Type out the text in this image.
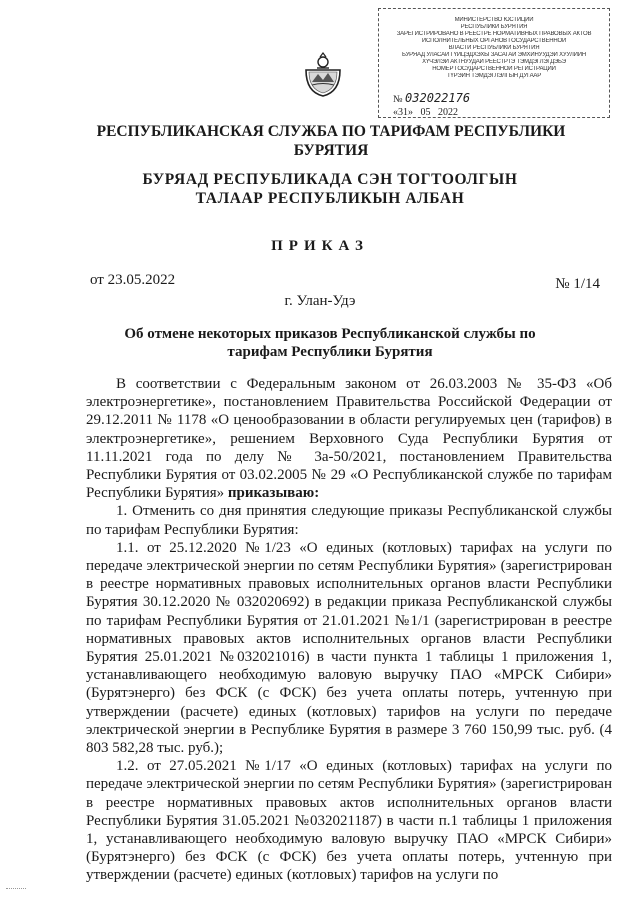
МИНИСТЕРСТВО ЮСТИЦИИ
РЕСПУБЛИКИ БУРЯТИЯ
ЗАРЕГИСТРИРОВАНО В РЕЕСТРЕ НОРМАТИВНЫХ ПРАВОВЫХ АКТОВ
ИСПОЛНИТЕЛЬНЫХ ОРГАНОВ ГОСУДАРСТВЕННОЙ
ВЛАСТИ РЕСПУБЛИКИ БУРЯТИЯ
БУРЯАД УЛАСАЙ ГҮЙЦЭДХЭХЫ ЗАСАГАЙ ЭМХИНУУДЭЙ ХУУЛИИН
ХҮЧЭЛЭЙ АКТНУУДАЙ РЕЕСТРТЭ ТЭМДЭГЛЭГДЭБЭ
НОМЕР ГОСУДАРСТВЕННОЙ РЕГИСТРАЦИИ
ТҮРЭЙН ТЭМДЭГЛЭЛГЫН ДУГААР
№ 032022176
«31»   05 2022
РЕСПУБЛИКАНСКАЯ СЛУЖБА ПО ТАРИФАМ РЕСПУБЛИКИ БУРЯТИЯ
БУРЯАД РЕСПУБЛИКАДА СЭН ТОГТООЛГЫН ТАЛААР РЕСПУБЛИКЫН АЛБАН
ПРИКАЗ
от 23.05.2022	№ 1/14
г. Улан-Удэ
Об отмене некоторых приказов Республиканской службы по тарифам Республики Бурятия

В соответствии с Федеральным законом от 26.03.2003 № 35-ФЗ «Об электроэнергетике», постановлением Правительства Российской Федерации от 29.12.2011 № 1178 «О ценообразовании в области регулируемых цен (тарифов) в электроэнергетике», решением Верховного Суда Республики Бурятия от 11.11.2021 года по делу № 3а-50/2021, постановлением Правительства Республики Бурятия от 03.02.2005 № 29 «О Республиканской службе по тарифам Республики Бурятия» приказываю:

1. Отменить со дня принятия следующие приказы Республиканской службы по тарифам Республики Бурятия:

1.1. от 25.12.2020 №1/23 «О единых (котловых) тарифах на услуги по передаче электрической энергии по сетям Республики Бурятия» (зарегистрирован в реестре нормативных правовых исполнительных органов власти Республики Бурятия 30.12.2020 № 032020692) в редакции приказа Республиканской службы по тарифам Республики Бурятия от 21.01.2021 №1/1 (зарегистрирован в реестре нормативных правовых актов исполнительных органов власти Республики Бурятия 25.01.2021 №032021016) в части пункта 1 таблицы 1 приложения 1, устанавливающего необходимую валовую выручку ПАО «МРСК Сибири» (Бурятэнерго) без ФСК (с ФСК) без учета оплаты потерь, учтенную при утверждении (расчете) единых (котловых) тарифов на услуги по передаче электрической энергии в Республике Бурятия в размере 3 760 150,99 тыс. руб. (4 803 582,28 тыс. руб.);

1.2. от 27.05.2021 №1/17 «О единых (котловых) тарифах на услуги по передаче электрической энергии по сетям Республики Бурятия» (зарегистрирован в реестре нормативных правовых актов исполнительных органов власти Республики Бурятия 31.05.2021 №032021187) в части п.1 таблицы 1 приложения 1, устанавливающего необходимую валовую выручку ПАО «МРСК Сибири» (Бурятэнерго) без ФСК (с ФСК) без учета оплаты потерь, учтенную при утверждении (расчете) единых (котловых) тарифов на услуги по
